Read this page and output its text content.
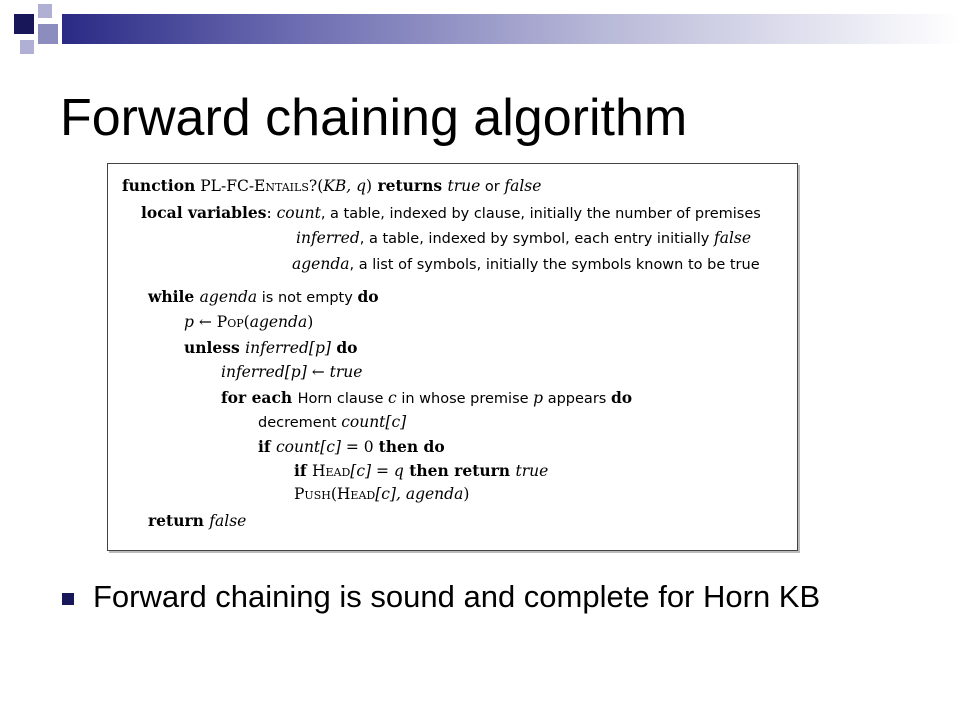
Forward chaining algorithm
function PL-FC-Entails?(KB, q) returns true or false
local variables: count, a table, indexed by clause, initially the number of premises
inferred, a table, indexed by symbol, each entry initially false
agenda, a list of symbols, initially the symbols known to be true
while agenda is not empty do
p ← Pop(agenda)
unless inferred[p] do
inferred[p] ← true
for each Horn clause c in whose premise p appears do
decrement count[c]
if count[c] = 0 then do
if Head[c] = q then return true
Push(Head[c], agenda)
return false
Forward chaining is sound and complete for Horn KB
